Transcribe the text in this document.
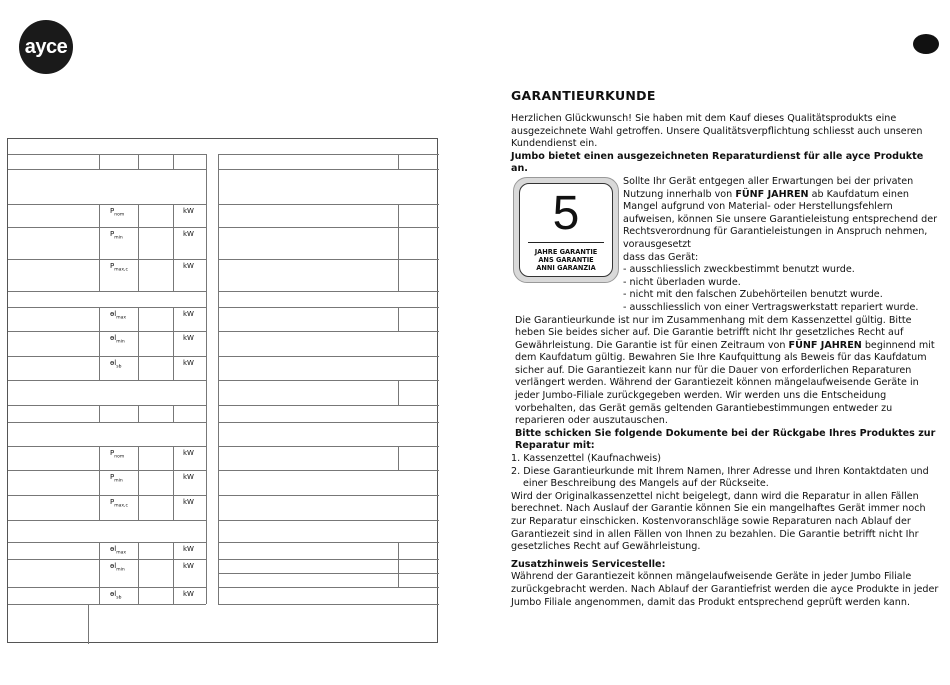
ayce
$P_{nom}$	kW
$P_{min}$	kW
$P_{max,c}$	kW
ɵl$_{max}$	kW
ɵl$_{min}$	kW
ɵl$_{sb}$	kW
$P_{nom}$	kW
$P_{min}$	kW
$P_{max,c}$	kW
ɵl$_{max}$	kW
ɵl$_{min}$	kW
ɵl$_{sb}$	kW
5
JAHRE GARANTIE
ANS GARANTIE
ANNI GARANZIA
GARANTIEURKUNDE

Herzlichen Glückwunsch! Sie haben mit dem Kauf dieses Qualitätsprodukts eine ausgezeichnete Wahl getroffen. Unsere Qualitätsverpflichtung schliesst auch unseren Kundendienst ein.

Jumbo bietet einen ausgezeichneten Reparaturdienst für alle ayce Produkte an.

Sollte Ihr Gerät entgegen aller Erwartungen bei der privaten Nutzung innerhalb von FÜNF JAHREN ab Kaufdatum einen Mangel aufgrund von Material- oder Herstellungsfehlern aufweisen, können Sie unsere Garantieleistung entsprechend der Rechtsverordnung für Garantieleistungen in Anspruch nehmen, vorausgesetzt

dass das Gerät:

- ausschliesslich zweckbestimmt benutzt wurde.
- nicht überladen wurde.
- nicht mit den falschen Zubehörteilen benutzt wurde.
- ausschliesslich von einer Vertragswerkstatt repariert wurde.

Die Garantieurkunde ist nur im Zusammenhang mit dem Kassenzettel gültig. Bitte heben Sie beides sicher auf. Die Garantie betrifft nicht Ihr gesetzliches Recht auf Gewährleistung. Die Garantie ist für einen Zeitraum von FÜNF JAHREN beginnend mit dem Kaufdatum gültig. Bewahren Sie Ihre Kaufquittung als Beweis für das Kaufdatum sicher auf. Die Garantiezeit kann nur für die Dauer von erforderlichen Reparaturen verlängert werden. Während der Garantiezeit können mängelaufweisende Geräte in jeder Jumbo-Filiale zurückgegeben werden. Wir werden uns die Entscheidung vorbehalten, das Gerät gemäs geltenden Garantiebestimmungen entweder zu reparieren oder auszutauschen.

Bitte schicken Sie folgende Dokumente bei der Rückgabe Ihres Produktes zur Reparatur mit:

1. Kassenzettel (Kaufnachweis)

2. Diese Garantieurkunde mit Ihrem Namen, Ihrer Adresse und Ihren Kontaktdaten und einer Beschreibung des Mangels auf der Rückseite.

Wird der Originalkassenzettel nicht beigelegt, dann wird die Reparatur in allen Fällen berechnet. Nach Auslauf der Garantie können Sie ein mangelhaftes Gerät immer noch zur Reparatur einschicken. Kostenvoranschläge sowie Reparaturen nach Ablauf der Garantiezeit sind in allen Fällen von Ihnen zu bezahlen. Die Garantie betrifft nicht Ihr gesetzliches Recht auf Gewährleistung.

Zusatzhinweis Servicestelle:

Während der Garantiezeit können mängelaufweisende Geräte in jeder Jumbo Filiale zurückgebracht werden. Nach Ablauf der Garantiefrist werden die ayce Produkte in jeder Jumbo Filiale angenommen, damit das Produkt entsprechend geprüft werden kann.
